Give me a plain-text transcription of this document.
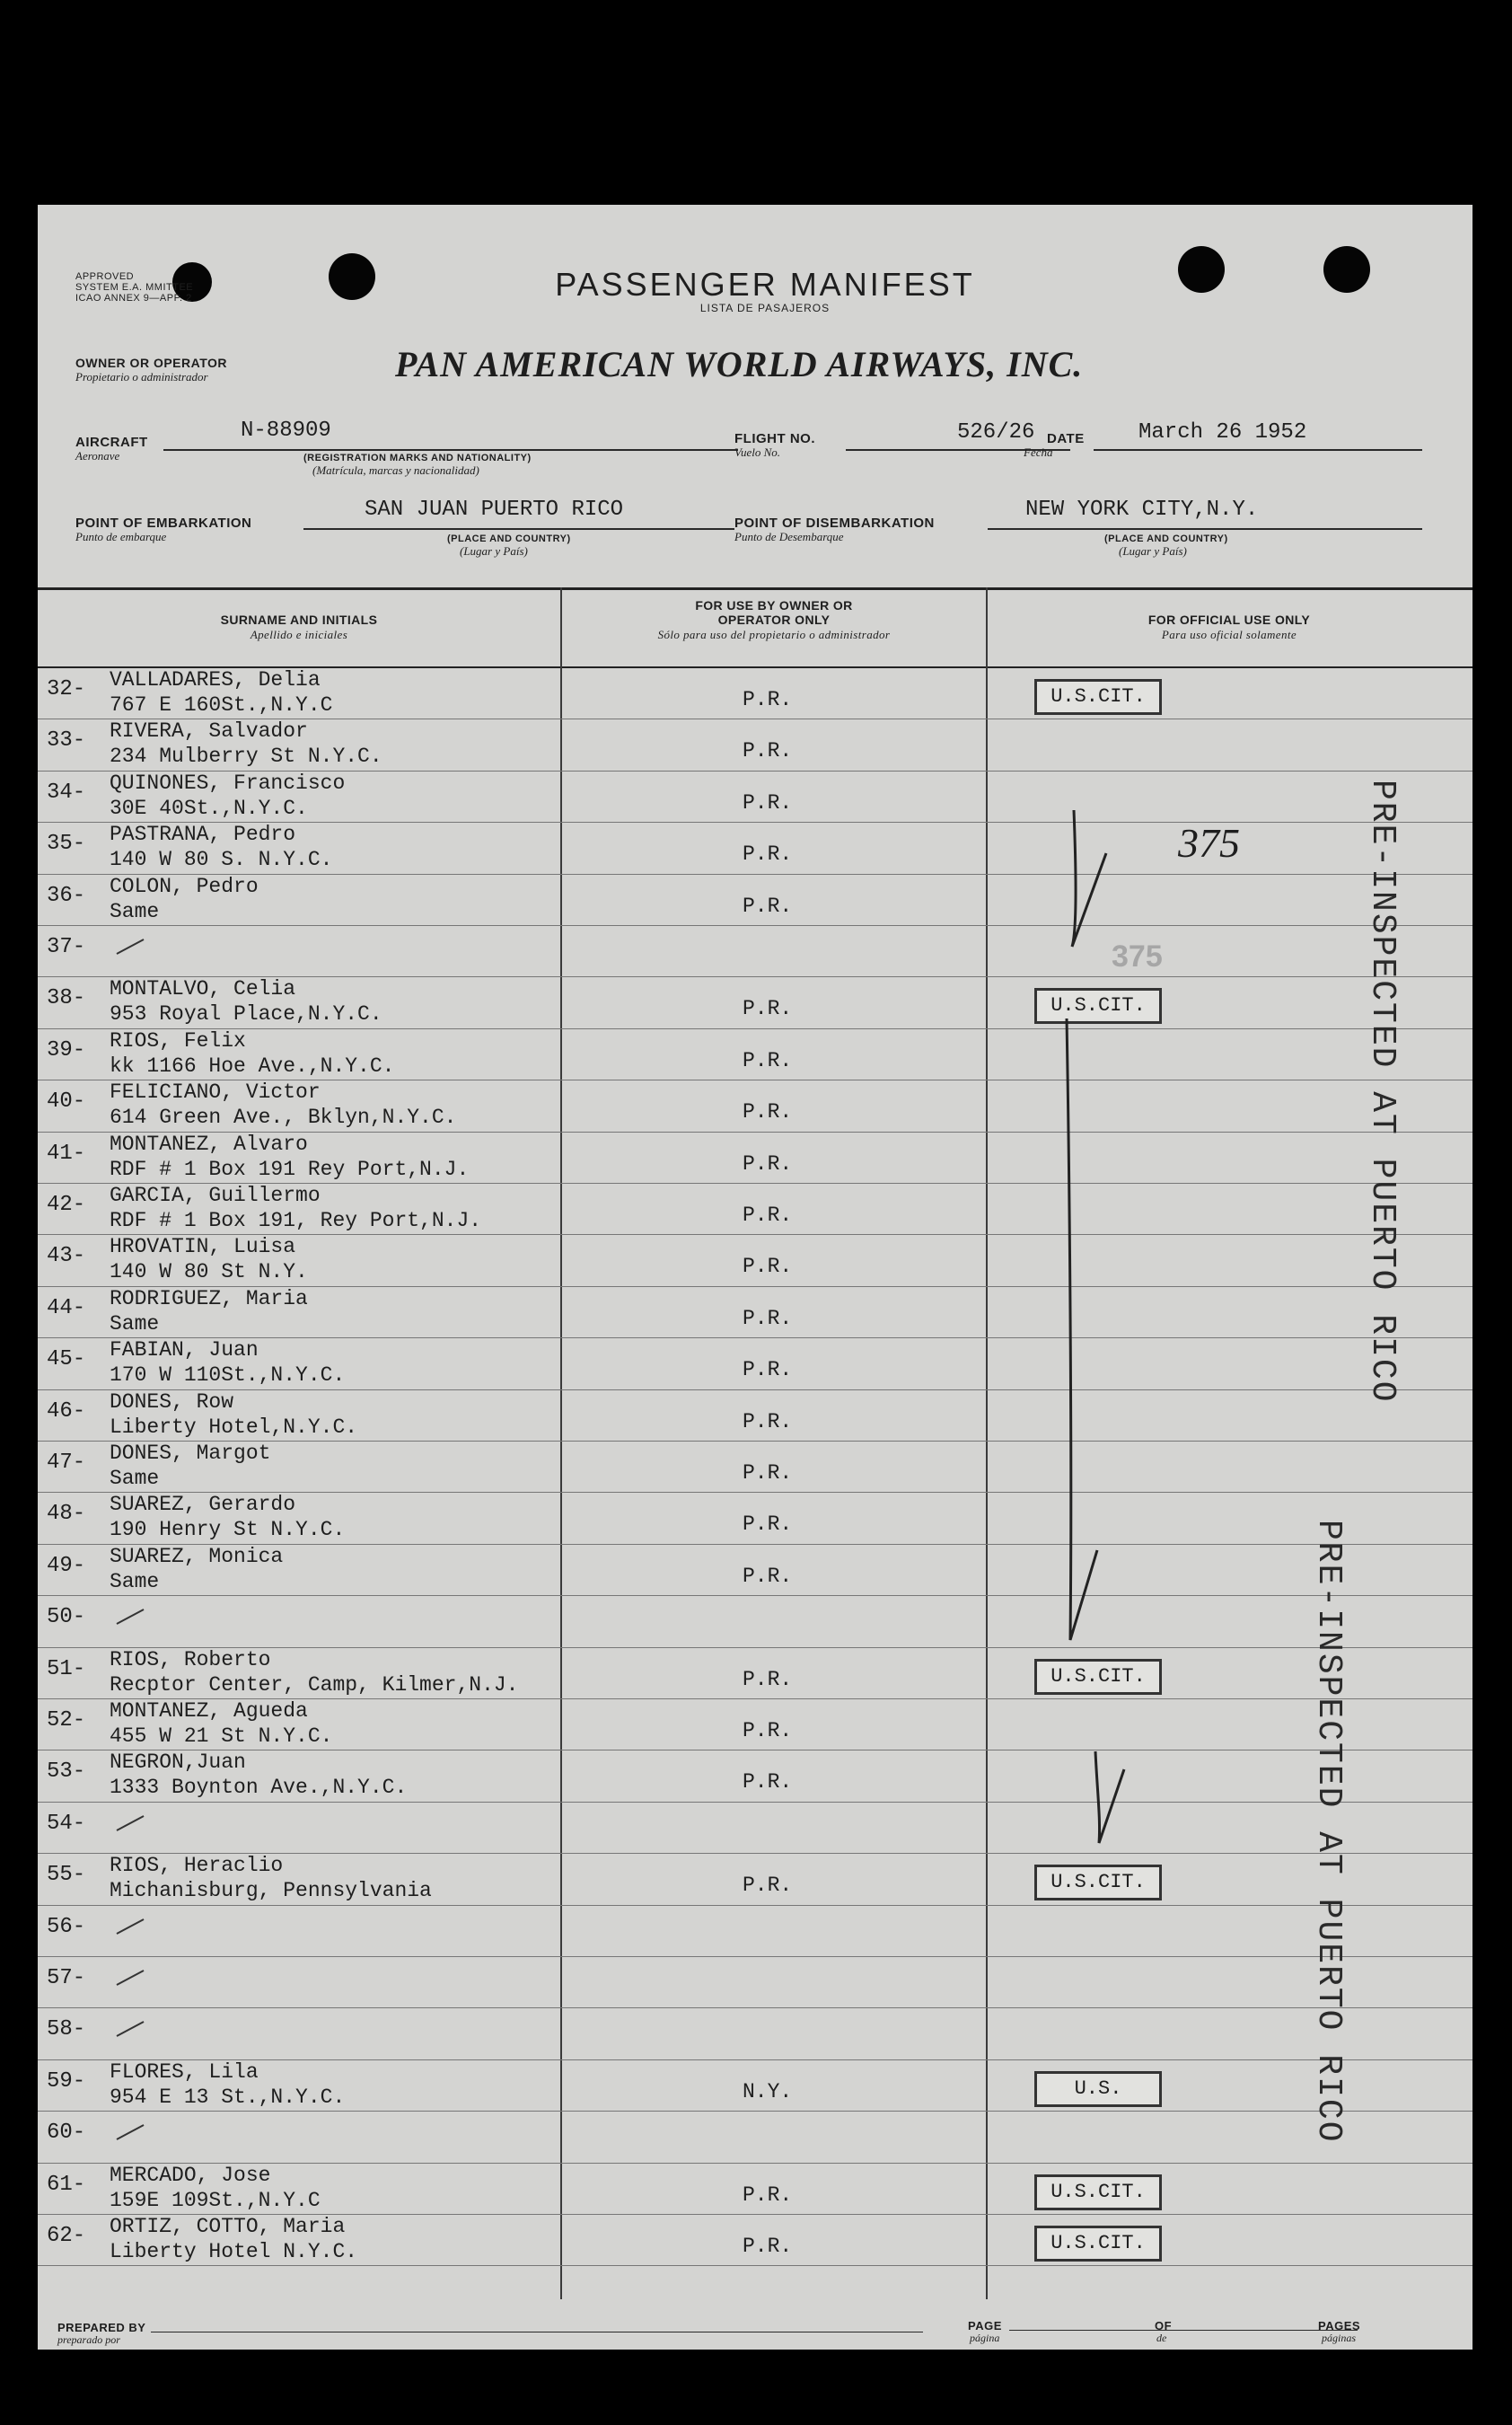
APPROVED
SYSTEM E.A. MMITTEE
ICAO ANNEX 9—APP. 2	PASSENGER MANIFEST
LISTA DE PASAJEROS
OWNER OR OPERATOR
Propietario o administrador	PAN AMERICAN WORLD AIRWAYS, INC.
AIRCRAFT
Aeronave
N-88909
(REGISTRATION MARKS AND NATIONALITY)
(Matrícula, marcas y nacionalidad)
FLIGHT NO.
Vuelo No.
526/26 DATE
Fecha
March 26 1952
POINT OF EMBARKATION
Punto de embarque
SAN JUAN PUERTO RICO
(PLACE AND COUNTRY)
(Lugar y País)
POINT OF DISEMBARKATION
Punto de Desembarque
NEW YORK CITY,N.Y.
(PLACE AND COUNTRY)
(Lugar y País)
SURNAME AND INITIALS
Apellido e iniciales
FOR USE BY OWNER OR OPERATOR ONLY
Sólo para uso del propietario o administrador
FOR OFFICIAL USE ONLY
Para uso oficial solamente
32- VALLADARES, Delia
767 E 160St.,N.Y.C	P.R.	U.S.CIT.
33- RIVERA, Salvador
234 Mulberry St N.Y.C.	P.R.
34- QUINONES, Francisco
30E 40St.,N.Y.C.	P.R.
35- PASTRANA, Pedro
140 W 80 S. N.Y.C.	P.R.
36- COLON, Pedro
Same	P.R.
37-
38- MONTALVO, Celia
953 Royal Place,N.Y.C.	P.R.	U.S.CIT.
39- RIOS, Felix
kk 1166 Hoe Ave.,N.Y.C.	P.R.
40- FELICIANO, Victor
614 Green Ave., Bklyn,N.Y.C.	P.R.
41- MONTANEZ, Alvaro
RDF # 1 Box 191 Rey Port,N.J.	P.R.
42- GARCIA, Guillermo
RDF # 1 Box 191, Rey Port,N.J.	P.R.
43- HROVATIN, Luisa
140 W 80 St N.Y.	P.R.
44- RODRIGUEZ, Maria
Same	P.R.
45- FABIAN, Juan
170 W 110St.,N.Y.C.	P.R.
46- DONES, Row
Liberty Hotel,N.Y.C.	P.R.
47- DONES, Margot
Same	P.R.
48- SUAREZ, Gerardo
190 Henry St N.Y.C.	P.R.
49- SUAREZ, Monica
Same	P.R.
50-
51- RIOS, Roberto
Recptor Center, Camp, Kilmer,N.J.	P.R.	U.S.CIT.
52- MONTANEZ, Agueda
455 W 21 St N.Y.C.	P.R.
53- NEGRON,Juan
1333 Boynton Ave.,N.Y.C.	P.R.
54-
55- RIOS, Heraclio
Michanisburg, Pennsylvania	P.R.	U.S.CIT.
56-
57-
58-
59- FLORES, Lila
954 E 13 St.,N.Y.C.	N.Y.	U.S.
60-
61- MERCADO, Jose
159E 109St.,N.Y.C	P.R.	U.S.CIT.
62- ORTIZ, COTTO, Maria
Liberty Hotel N.Y.C.	P.R.	U.S.CIT.
375
375	PRE-INSPECTED AT PUERTO RICO
PRE-INSPECTED AT PUERTO RICO
PREPARED BY
preparado por
PAGE
página
OF
de
PAGES
páginas
